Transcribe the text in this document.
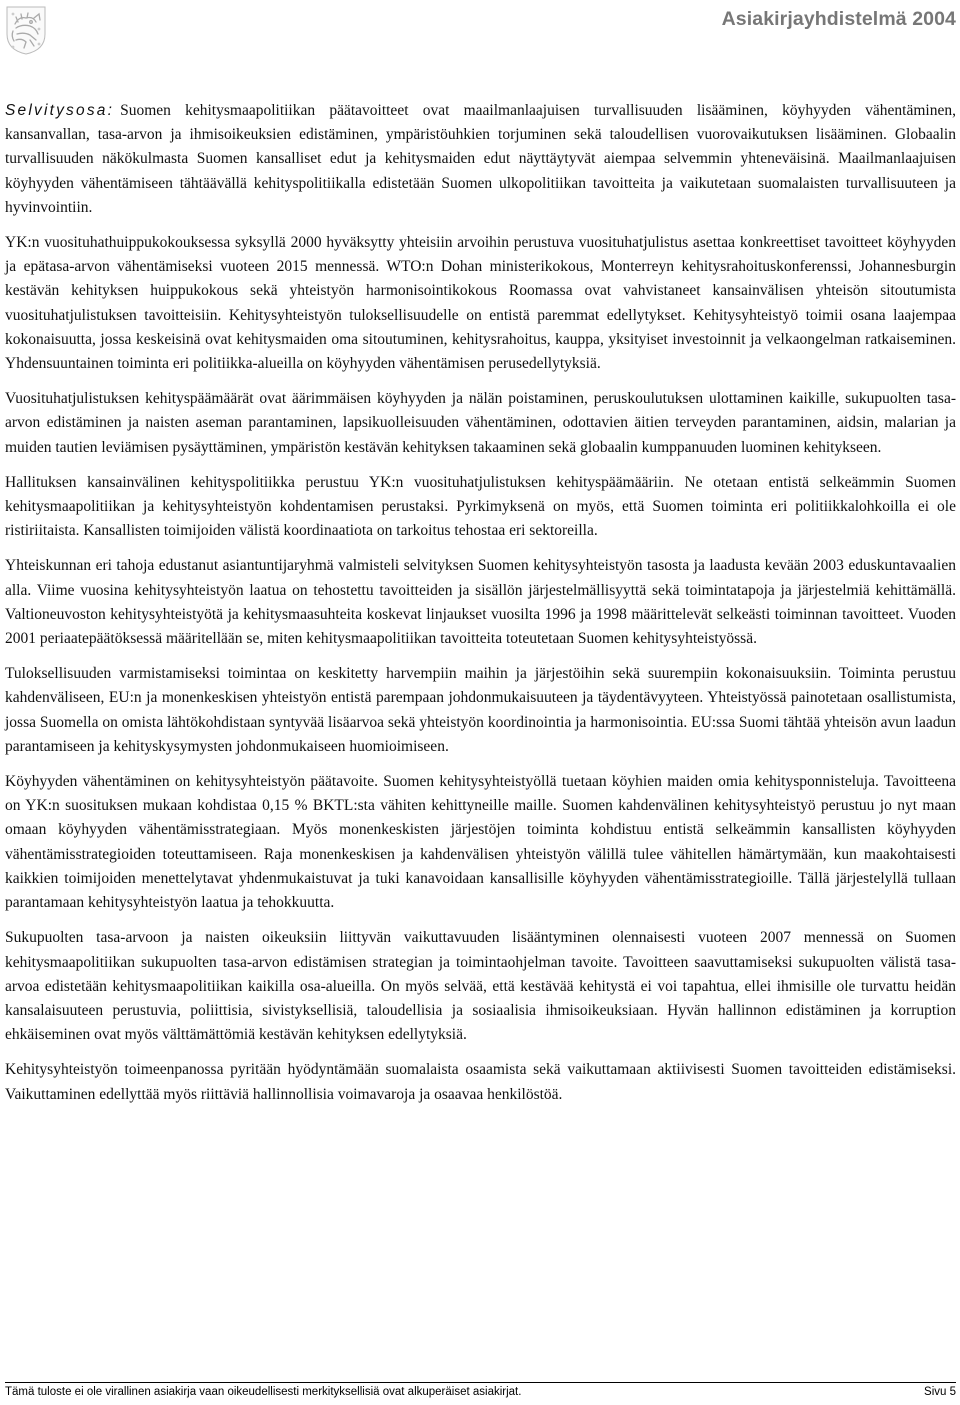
Asiakirjayhdistelmä 2004

Selvitysosa: Suomen kehitysmaapolitiikan päätavoitteet ovat maailmanlaajuisen turvallisuuden lisääminen, köyhyyden vähentäminen, kansanvallan, tasa-arvon ja ihmisoikeuksien edistäminen, ympäristöuhkien torjuminen sekä taloudellisen vuorovaikutuksen lisääminen. Globaalin turvallisuuden näkökulmasta Suomen kansalliset edut ja kehitysmaiden edut näyttäytyvät aiempaa selvemmin yhteneväisinä. Maailmanlaajuisen köyhyyden vähentämiseen tähtäävällä kehityspolitiikalla edistetään Suomen ulkopolitiikan tavoitteita ja vaikutetaan suomalaisten turvallisuuteen ja hyvinvointiin.

YK:n vuosituhathuippukokouksessa syksyllä 2000 hyväksytty yhteisiin arvoihin perustuva vuosituhatjulistus asettaa konkreettiset tavoitteet köyhyyden ja epätasa-arvon vähentämiseksi vuoteen 2015 mennessä. WTO:n Dohan ministerikokous, Monterreyn kehitysrahoituskonferenssi, Johannesburgin kestävän kehityksen huippukokous sekä yhteistyön harmonisointikokous Roomassa ovat vahvistaneet kansainvälisen yhteisön sitoutumista vuosituhatjulistuksen tavoitteisiin. Kehitysyhteistyön tuloksellisuudelle on entistä paremmat edellytykset. Kehitysyhteistyö toimii osana laajempaa kokonaisuutta, jossa keskeisinä ovat kehitysmaiden oma sitoutuminen, kehitysrahoitus, kauppa, yksityiset investoinnit ja velkaongelman ratkaiseminen. Yhdensuuntainen toiminta eri politiikka-alueilla on köyhyyden vähentämisen perusedellytyksiä.

Vuosituhatjulistuksen kehityspäämäärät ovat äärimmäisen köyhyyden ja nälän poistaminen, peruskoulutuksen ulottaminen kaikille, sukupuolten tasa-arvon edistäminen ja naisten aseman parantaminen, lapsikuolleisuuden vähentäminen, odottavien äitien terveyden parantaminen, aidsin, malarian ja muiden tautien leviämisen pysäyttäminen, ympäristön kestävän kehityksen takaaminen sekä globaalin kumppanuuden luominen kehitykseen.

Hallituksen kansainvälinen kehityspolitiikka perustuu YK:n vuosituhatjulistuksen kehityspäämääriin. Ne otetaan entistä selkeämmin Suomen kehitysmaapolitiikan ja kehitysyhteistyön kohdentamisen perustaksi. Pyrkimyksenä on myös, että Suomen toiminta eri politiikkalohkoilla ei ole ristiriitaista. Kansallisten toimijoiden välistä koordinaatiota on tarkoitus tehostaa eri sektoreilla.

Yhteiskunnan eri tahoja edustanut asiantuntijaryhmä valmisteli selvityksen Suomen kehitysyhteistyön tasosta ja laadusta kevään 2003 eduskuntavaalien alla. Viime vuosina kehitysyhteistyön laatua on tehostettu tavoitteiden ja sisällön järjestelmällisyyttä sekä toimintatapoja ja järjestelmiä kehittämällä. Valtioneuvoston kehitysyhteistyötä ja kehitysmaasuhteita koskevat linjaukset vuosilta 1996 ja 1998 määrittelevät selkeästi toiminnan tavoitteet. Vuoden 2001 periaatepäätöksessä määritellään se, miten kehitysmaapolitiikan tavoitteita toteutetaan Suomen kehitysyhteistyössä.

Tuloksellisuuden varmistamiseksi toimintaa on keskitetty harvempiin maihin ja järjestöihin sekä suurempiin kokonaisuuksiin. Toiminta perustuu kahdenväliseen, EU:n ja monenkeskisen yhteistyön entistä parempaan johdonmukaisuuteen ja täydentävyyteen. Yhteistyössä painotetaan osallistumista, jossa Suomella on omista lähtökohdistaan syntyvää lisäarvoa sekä yhteistyön koordinointia ja harmonisointia. EU:ssa Suomi tähtää yhteisön avun laadun parantamiseen ja kehityskysymysten johdonmukaiseen huomioimiseen.

Köyhyyden vähentäminen on kehitysyhteistyön päätavoite. Suomen kehitysyhteistyöllä tuetaan köyhien maiden omia kehitysponnisteluja. Tavoitteena on YK:n suosituksen mukaan kohdistaa 0,15 % BKTL:sta vähiten kehittyneille maille. Suomen kahdenvälinen kehitysyhteistyö perustuu jo nyt maan omaan köyhyyden vähentämisstrategiaan. Myös monenkeskisten järjestöjen toiminta kohdistuu entistä selkeämmin kansallisten köyhyyden vähentämisstrategioiden toteuttamiseen. Raja monenkeskisen ja kahdenvälisen yhteistyön välillä tulee vähitellen hämärtymään, kun maakohtaisesti kaikkien toimijoiden menettelytavat yhdenmukaistuvat ja tuki kanavoidaan kansallisille köyhyyden vähentämisstrategioille. Tällä järjestelyllä tullaan parantamaan kehitysyhteistyön laatua ja tehokkuutta.

Sukupuolten tasa-arvoon ja naisten oikeuksiin liittyvän vaikuttavuuden lisääntyminen olennaisesti vuoteen 2007 mennessä on Suomen kehitysmaapolitiikan sukupuolten tasa-arvon edistämisen strategian ja toimintaohjelman tavoite. Tavoitteen saavuttamiseksi sukupuolten välistä tasa-arvoa edistetään kehitysmaapolitiikan kaikilla osa-alueilla. On myös selvää, että kestävää kehitystä ei voi tapahtua, ellei ihmisille ole turvattu heidän kansalaisuuteen perustuvia, poliittisia, sivistyksellisiä, taloudellisia ja sosiaalisia ihmisoikeuksiaan. Hyvän hallinnon edistäminen ja korruption ehkäiseminen ovat myös välttämättömiä kestävän kehityksen edellytyksiä.

Kehitysyhteistyön toimeenpanossa pyritään hyödyntämään suomalaista osaamista sekä vaikuttamaan aktiivisesti Suomen tavoitteiden edistämiseksi. Vaikuttaminen edellyttää myös riittäviä hallinnollisia voimavaroja ja osaavaa henkilöstöä.

Tämä tuloste ei ole virallinen asiakirja vaan oikeudellisesti merkityksellisiä ovat alkuperäiset asiakirjat.	Sivu 5
